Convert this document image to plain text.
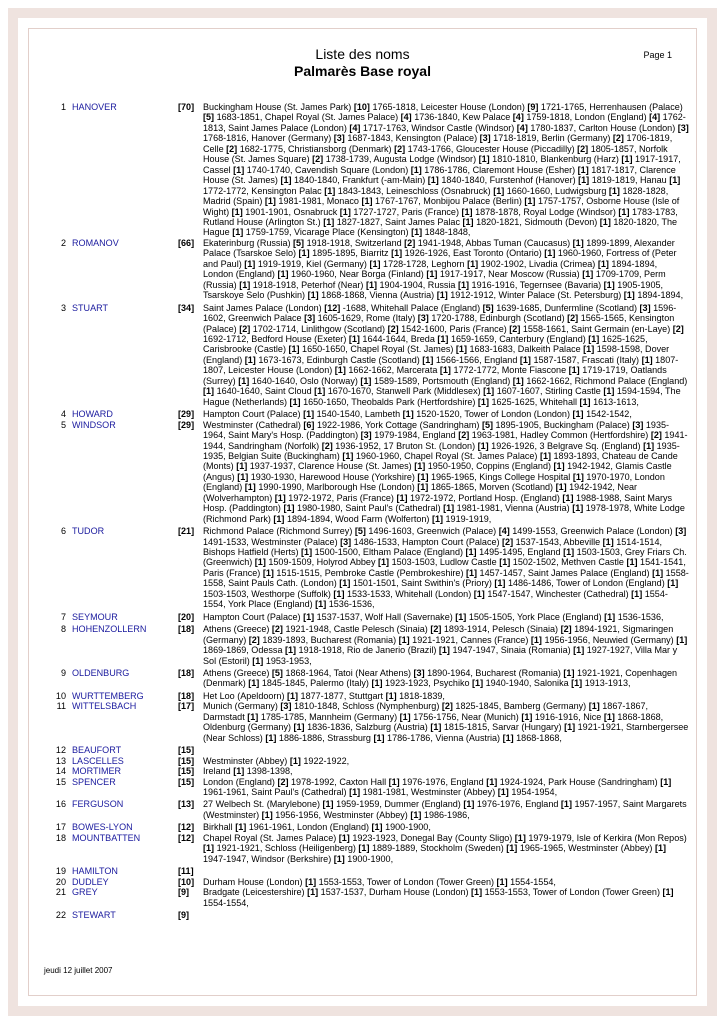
Liste des noms
Palmarès Base royal
Page 1
1 HANOVER	[70] Buckingham House (St. James Park) [10] 1765-1818, Leicester House (London) [9] 1721-1765, Herrenhausen (Palace) [5] 1683-1851, Chapel Royal (St. James Palace) [4] 1736-1840, Kew Palace [4] 1759-1818, London (England) [4] 1762-1813, Saint James Palace (London) [4] 1717-1763, Windsor Castle (Windsor) [4] 1780-1837, Carlton House (London) [3] 1768-1816, Hanover (Germany) [3] 1687-1843, Kensington (Palace) [3] 1718-1819, Berlin (Germany) [2] 1706-1819, Celle [2] 1682-1775, Christiansborg (Denmark) [2] 1743-1766, Gloucester House (Piccadilly) [2] 1805-1857, Norfolk House (St. James Square) [2] 1738-1739, Augusta Lodge (Windsor) [1] 1810-1810, Blankenburg (Harz) [1] 1917-1917, Cassel [1] 1740-1740, Cavendish Square (London) [1] 1786-1786, Claremont House (Esher) [1] 1817-1817, Clarence House (St. James) [1] 1840-1840, Frankfurt (-am-Main) [1] 1840-1840, Furstenhof (Hanover) [1] 1819-1819, Hanau [1] 1772-1772, Kensington Palac [1] 1843-1843, Leineschloss (Osnabruck) [1] 1660-1660, Ludwigsburg [1] 1828-1828, Madrid (Spain) [1] 1981-1981, Monaco [1] 1767-1767, Monbijou Palace (Berlin) [1] 1757-1757, Osborne House (Isle of Wight) [1] 1901-1901, Osnabruck [1] 1727-1727, Paris (France) [1] 1878-1878, Royal Lodge (Windsor) [1] 1783-1783, Rutland House (Arlington St.) [1] 1827-1827, Saint James Palac [1] 1820-1821, Sidmouth (Devon) [1] 1820-1820, The Hague [1] 1759-1759, Vicarage Place (Kensington) [1] 1848-1848,
2 ROMANOV	[66] Ekaterinburg (Russia) [5] 1918-1918, Switzerland [2] 1941-1948, Abbas Tuman (Caucasus) [1] 1899-1899, Alexander Palace (Tsarskoe Selo) [1] 1895-1895, Biarritz [1] 1926-1926, East Toronto (Ontario) [1] 1960-1960, Fortress of (Peter and Paul) [1] 1919-1919, Kiel (Germany) [1] 1728-1728, Leghorn [1] 1902-1902, Livadia (Crimea) [1] 1894-1894, London (England) [1] 1960-1960, Near Borga (Finland) [1] 1917-1917, Near Moscow (Russia) [1] 1709-1709, Perm (Russia) [1] 1918-1918, Peterhof (Near) [1] 1904-1904, Russia [1] 1916-1916, Tegernsee (Bavaria) [1] 1905-1905, Tsarskoye Selo (Pushkin) [1] 1868-1868, Vienna (Austria) [1] 1912-1912, Winter Palace (St. Petersburg) [1] 1894-1894,
3 STUART	[34] Saint James Palace (London) [12] -1688, Whitehall Palace (England) [5] 1639-1685, Dunfermline (Scotland) [3] 1596-1602, Greenwich Palace [3] 1605-1629, Rome (Italy) [3] 1720-1788, Edinburgh (Scotland) [2] 1565-1565, Kensington (Palace) [2] 1702-1714, Linlithgow (Scotland) [2] 1542-1600, Paris (France) [2] 1558-1661, Saint Germain (en-Laye) [2] 1692-1712, Bedford House (Exeter) [1] 1644-1644, Breda [1] 1659-1659, Canterbury (England) [1] 1625-1625, Carisbrooke (Castle) [1] 1650-1650, Chapel Royal (St. James) [1] 1683-1683, Dalkeith Palace [1] 1598-1598, Dover (England) [1] 1673-1673, Edinburgh Castle (Scotland) [1] 1566-1566, England [1] 1587-1587, Frascati (Italy) [1] 1807-1807, Leicester House (London) [1] 1662-1662, Marcerata [1] 1772-1772, Monte Fiascone [1] 1719-1719, Oatlands (Surrey) [1] 1640-1640, Oslo (Norway) [1] 1589-1589, Portsmouth (England) [1] 1662-1662, Richmond Palace (England) [1] 1640-1640, Saint Cloud [1] 1670-1670, Stanwell Park (Middlesex) [1] 1607-1607, Stirling Castle [1] 1594-1594, The Hague (Netherlands) [1] 1650-1650, Theobalds Park (Hertfordshire) [1] 1625-1625, Whitehall [1] 1613-1613,
4 HOWARD	[29] Hampton Court (Palace) [1] 1540-1540, Lambeth [1] 1520-1520, Tower of London (London) [1] 1542-1542,
5 WINDSOR	[29] Westminster (Cathedral) [6] 1922-1986, York Cottage (Sandringham) [5] 1895-1905, Buckingham (Palace) [3] 1935-1964, Saint Mary's Hosp. (Paddington) [3] 1979-1984, England [2] 1963-1981, Hadley Common (Hertfordshire) [2] 1941-1944, Sandringham (Norfolk) [2] 1936-1952, 17 Bruton St. (London) [1] 1926-1926, 3 Belgrave Sq. (England) [1] 1935-1935, Belgian Suite (Buckingham) [1] 1960-1960, Chapel Royal (St. James Palace) [1] 1893-1893, Chateau de Cande (Monts) [1] 1937-1937, Clarence House (St. James) [1] 1950-1950, Coppins (England) [1] 1942-1942, Glamis Castle (Angus) [1] 1930-1930, Harewood House (Yorkshire) [1] 1965-1965, Kings College Hospital [1] 1970-1970, London (England) [1] 1990-1990, Marlborough Hse (London) [1] 1865-1865, Morven (Scotland) [1] 1942-1942, Near (Wolverhampton) [1] 1972-1972, Paris (France) [1] 1972-1972, Portland Hosp. (England) [1] 1988-1988, Saint Marys Hosp. (Paddington) [1] 1980-1980, Saint Paul's (Cathedral) [1] 1981-1981, Vienna (Austria) [1] 1978-1978, White Lodge (Richmond Park) [1] 1894-1894, Wood Farm (Wolferton) [1] 1919-1919,
6 TUDOR	[21] Richmond Palace (Richmond Surrey) [5] 1496-1603, Greenwich (Palace) [4] 1499-1553, Greenwich Palace (London) [3] 1491-1533, Westminster (Palace) [3] 1486-1533, Hampton Court (Palace) [2] 1537-1543, Abbeville [1] 1514-1514, Bishops Hatfield (Herts) [1] 1500-1500, Eltham Palace (England) [1] 1495-1495, England [1] 1503-1503, Grey Friars Ch. (Greenwich) [1] 1509-1509, Holyrod Abbey [1] 1503-1503, Ludlow Castle [1] 1502-1502, Methven Castle [1] 1541-1541, Paris (France) [1] 1515-1515, Pembroke Castle (Pembrokeshire) [1] 1457-1457, Saint James Palace (England) [1] 1558-1558, Saint Pauls Cath. (London) [1] 1501-1501, Saint Swithin's (Priory) [1] 1486-1486, Tower of London (England) [1] 1503-1503, Westhorpe (Suffolk) [1] 1533-1533, Whitehall (London) [1] 1547-1547, Winchester (Cathedral) [1] 1554-1554, York Place (England) [1] 1536-1536,
7 SEYMOUR	[20] Hampton Court (Palace) [1] 1537-1537, Wolf Hall (Savernake) [1] 1505-1505, York Place (England) [1] 1536-1536,
8 HOHENZOLLERN	[18] Athens (Greece) [2] 1921-1948, Castle Pelesch (Sinaia) [2] 1893-1914, Pelesch (Sinaia) [2] 1894-1921, Sigmaringen (Germany) [2] 1839-1893, Bucharest (Romania) [1] 1921-1921, Cannes (France) [1] 1956-1956, Neuwied (Germany) [1] 1869-1869, Odessa [1] 1918-1918, Rio de Janerio (Brazil) [1] 1947-1947, Sinaia (Romania) [1] 1927-1927, Villa Mar y Sol (Estoril) [1] 1953-1953,
9 OLDENBURG	[18] Athens (Greece) [5] 1868-1964, Tatoi (Near Athens) [3] 1890-1964, Bucharest (Romania) [1] 1921-1921, Copenhagen (Denmark) [1] 1845-1845, Palermo (Italy) [1] 1923-1923, Psychiko [1] 1940-1940, Salonika [1] 1913-1913,
10 WURTTEMBERG	[18] Het Loo (Apeldoorn) [1] 1877-1877, Stuttgart [1] 1818-1839,
11 WITTELSBACH	[17] Munich (Germany) [3] 1810-1848, Schloss (Nymphenburg) [2] 1825-1845, Bamberg (Germany) [1] 1867-1867, Darmstadt [1] 1785-1785, Mannheim (Germany) [1] 1756-1756, Near (Munich) [1] 1916-1916, Nice [1] 1868-1868, Oldenburg (Germany) [1] 1836-1836, Salzburg (Austria) [1] 1815-1815, Sarvar (Hungary) [1] 1921-1921, Starnbergersee (Near Schloss) [1] 1886-1886, Strassburg [1] 1786-1786, Vienna (Austria) [1] 1868-1868,
12 BEAUFORT	[15]
13 LASCELLES	[15] Westminster (Abbey) [1] 1922-1922,
14 MORTIMER	[15] Ireland [1] 1398-1398,
15 SPENCER	[15] London (England) [2] 1978-1992, Caxton Hall [1] 1976-1976, England [1] 1924-1924, Park House (Sandringham) [1] 1961-1961, Saint Paul's (Cathedral) [1] 1981-1981, Westminster (Abbey) [1] 1954-1954,
16 FERGUSON	[13] 27 Welbech St. (Marylebone) [1] 1959-1959, Dummer (England) [1] 1976-1976, England [1] 1957-1957, Saint Margarets (Westminster) [1] 1956-1956, Westminster (Abbey) [1] 1986-1986,
17 BOWES-LYON	[12] Birkhall [1] 1961-1961, London (England) [1] 1900-1900,
18 MOUNTBATTEN	[12] Chapel Royal (St. James Palace) [1] 1923-1923, Donegal Bay (County Sligo) [1] 1979-1979, Isle of Kerkira (Mon Repos) [1] 1921-1921, Schloss (Heiligenberg) [1] 1889-1889, Stockholm (Sweden) [1] 1965-1965, Westminster (Abbey) [1] 1947-1947, Windsor (Berkshire) [1] 1900-1900,
19 HAMILTON	[11]
20 DUDLEY	[10] Durham House (London) [1] 1553-1553, Tower of London (Tower Green) [1] 1554-1554,
21 GREY	[9]	Bradgate (Leicestershire) [1] 1537-1537, Durham House (London) [1] 1553-1553, Tower of London (Tower Green) [1] 1554-1554,
22 STEWART	[9]
jeudi 12 juillet 2007
